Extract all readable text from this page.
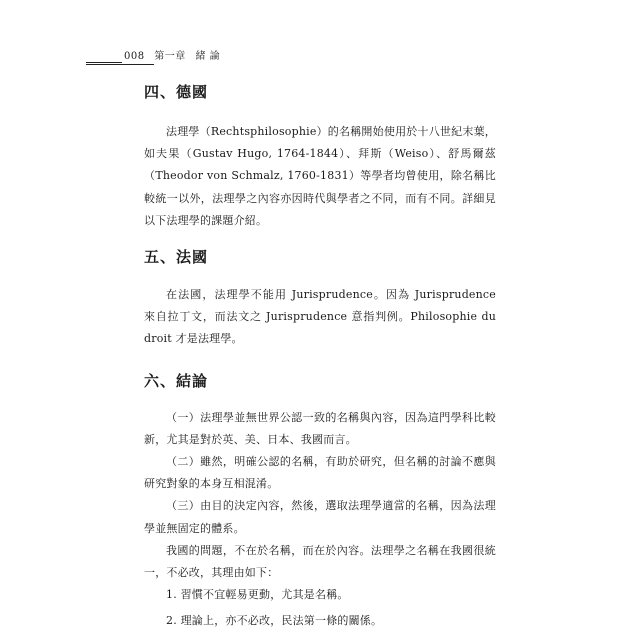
008 第一章 緒 論
四、德國

法理學（Rechtsphilosophie）的名稱開始使用於十八世紀末葉，如夫果（Gustav Hugo, 1764-1844）、拜斯（Weiso）、舒馬爾茲（Theodor von Schmalz, 1760-1831）等學者均曾使用，除名稱比較統一以外，法理學之內容亦因時代與學者之不同，而有不同。詳細見以下法理學的課題介紹。

五、法國

在法國，法理學不能用 Jurisprudence。因為 Jurisprudence 來自拉丁文，而法文之 Jurisprudence 意指判例。Philosophie du droit 才是法理學。

六、結論

（一）法理學並無世界公認一致的名稱與內容，因為這門學科比較新，尤其是對於英、美、日本、我國而言。

（二）雖然，明確公認的名稱，有助於研究，但名稱的討論不應與研究對象的本身互相混淆。

（三）由目的決定內容，然後，選取法理學適當的名稱，因為法理學並無固定的體系。

我國的問題，不在於名稱，而在於內容。法理學之名稱在我國很統一，不必改，其理由如下：

1. 習慣不宜輕易更動，尤其是名稱。

2. 理論上，亦不必改，民法第一條的關係。
